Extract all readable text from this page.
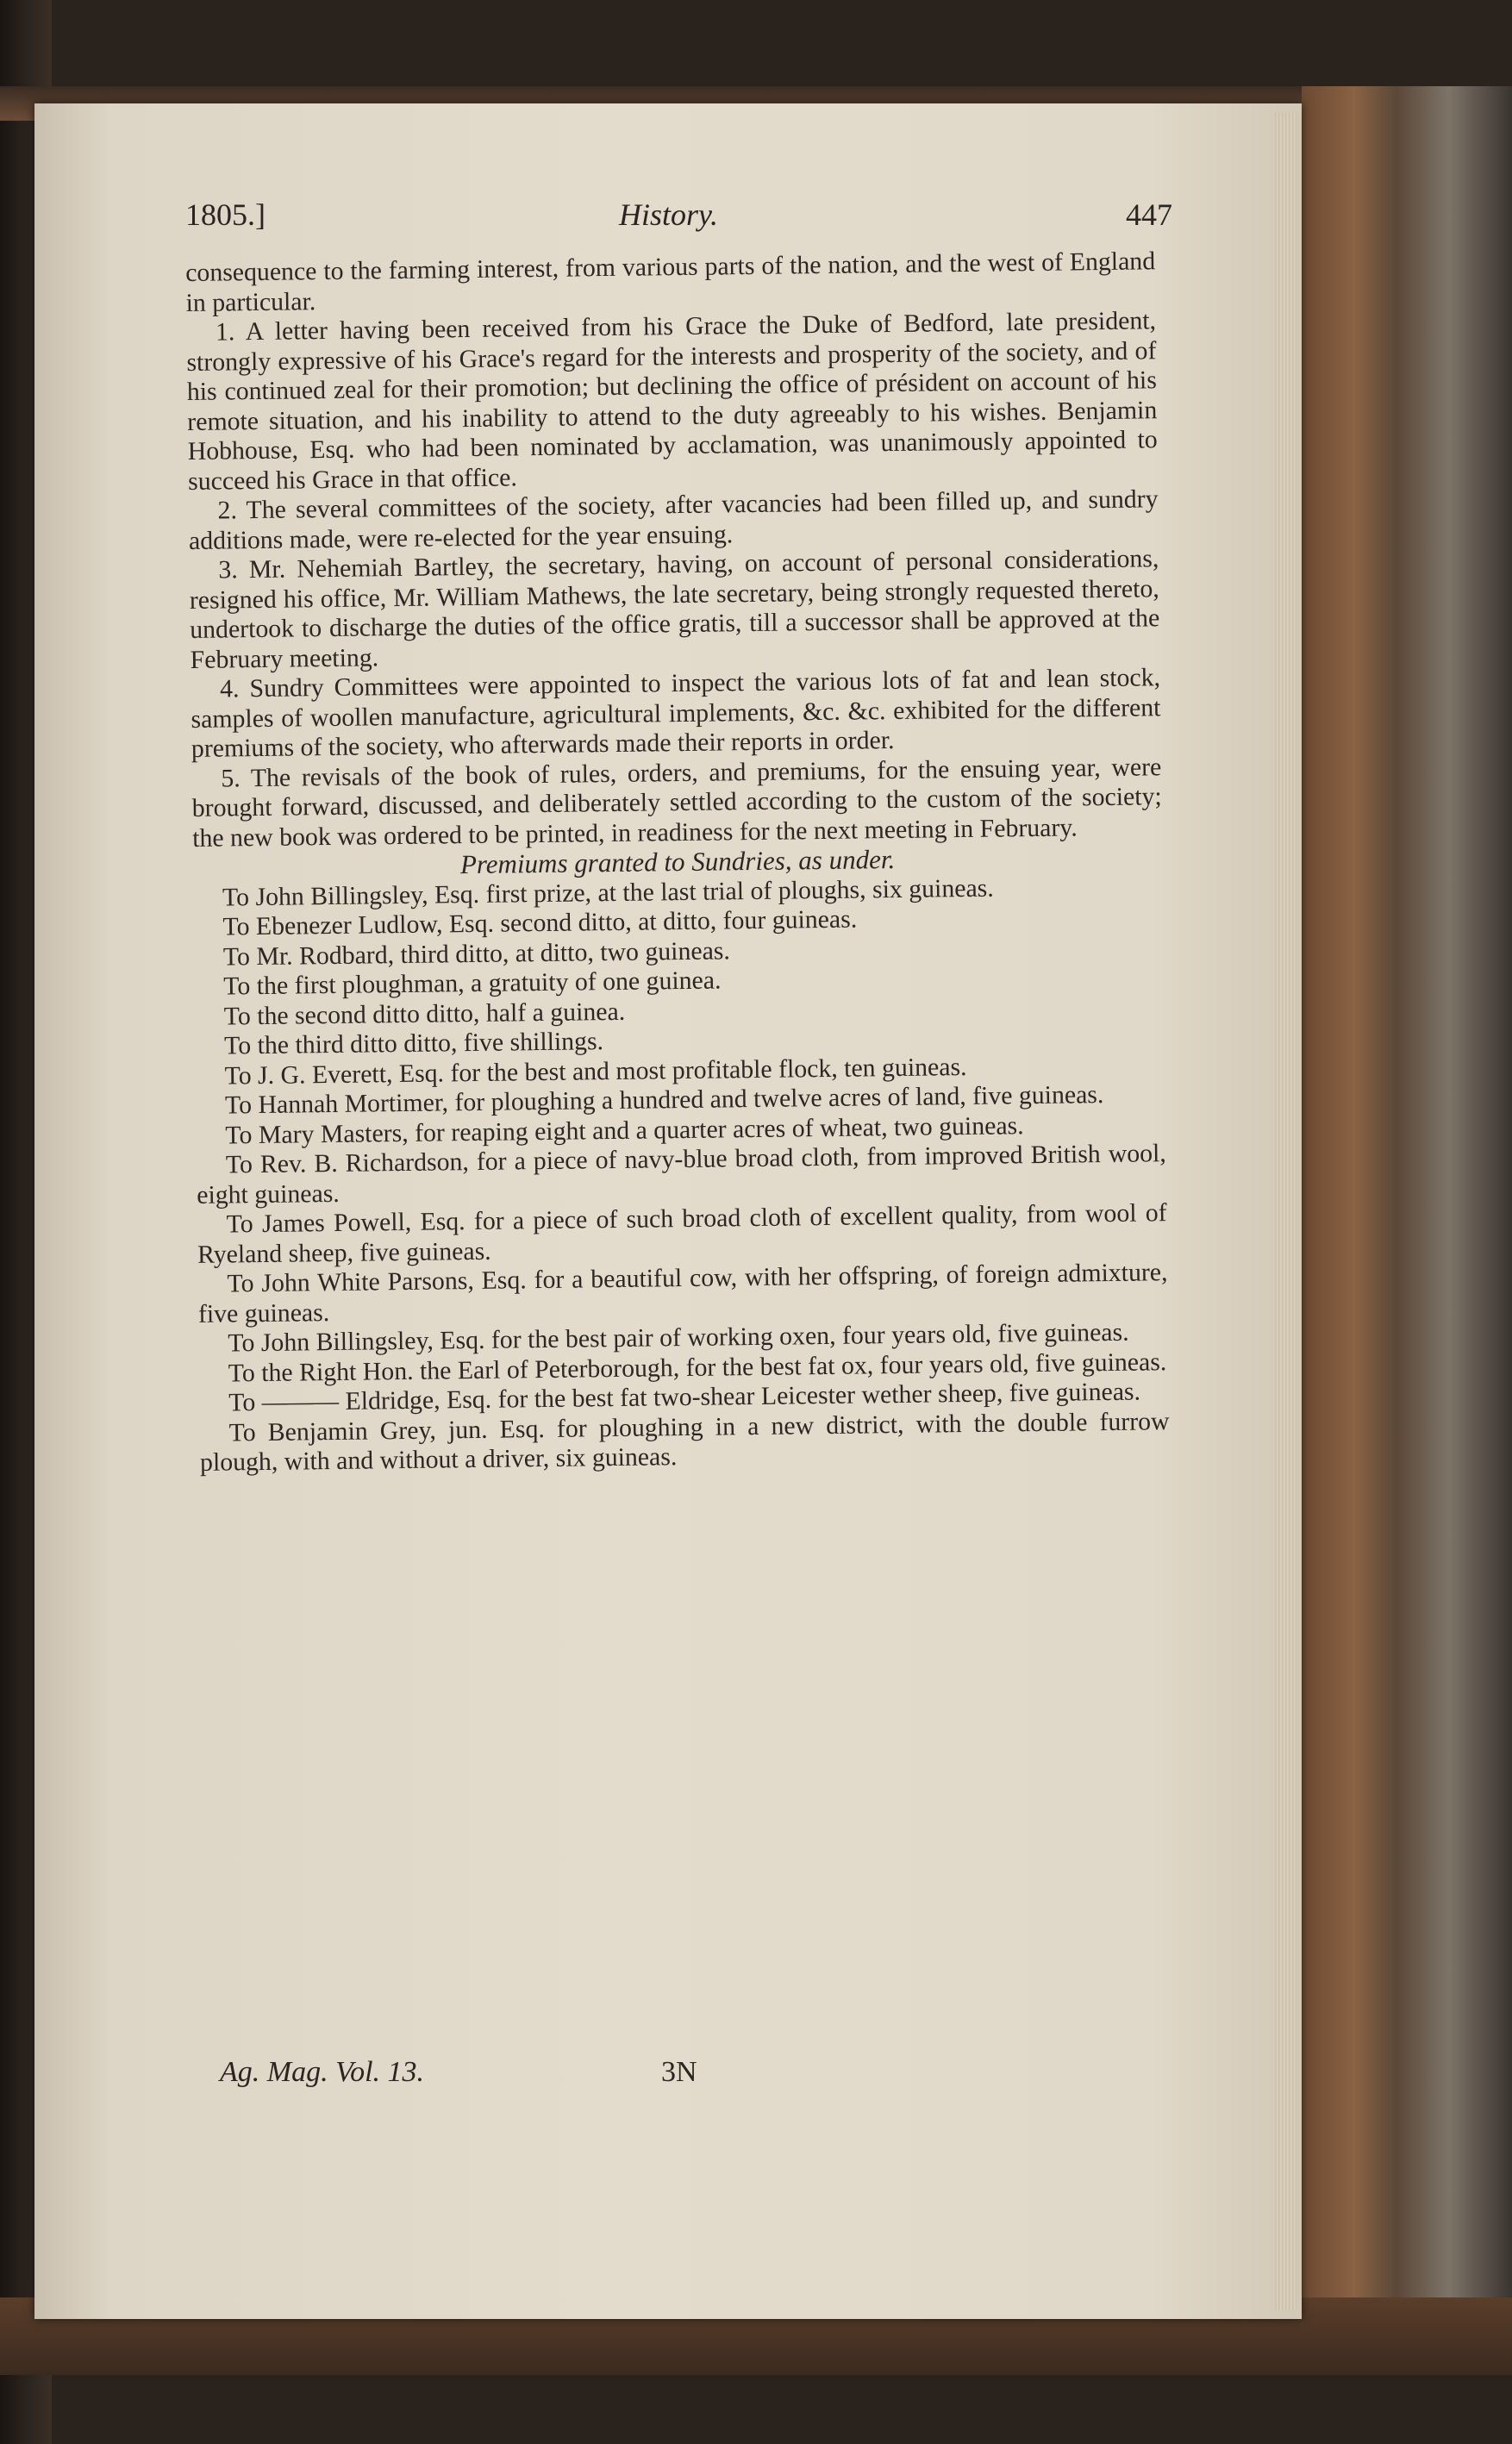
1805.]	History.	447

consequence to the farming interest, from various parts of the nation, and the west of England in particular.

1. A letter having been received from his Grace the Duke of Bedford, late president, strongly expressive of his Grace's regard for the interests and prosperity of the society, and of his continued zeal for their promotion; but declining the office of président on account of his remote situation, and his inability to attend to the duty agreeably to his wishes. Benjamin Hobhouse, Esq. who had been nominated by acclamation, was unanimously appointed to succeed his Grace in that office.

2. The several committees of the society, after vacancies had been filled up, and sundry additions made, were re-elected for the year ensuing.

3. Mr. Nehemiah Bartley, the secretary, having, on account of personal considerations, resigned his office, Mr. William Mathews, the late secretary, being strongly requested thereto, undertook to discharge the duties of the office gratis, till a successor shall be approved at the February meeting.

4. Sundry Committees were appointed to inspect the various lots of fat and lean stock, samples of woollen manufacture, agricultural implements, &c. &c. exhibited for the different premiums of the society, who afterwards made their reports in order.

5. The revisals of the book of rules, orders, and premiums, for the ensuing year, were brought forward, discussed, and deliberately settled according to the custom of the society; the new book was ordered to be printed, in readiness for the next meeting in February.

Premiums granted to Sundries, as under.

To John Billingsley, Esq. first prize, at the last trial of ploughs, six guineas.

To Ebenezer Ludlow, Esq. second ditto, at ditto, four guineas.

To Mr. Rodbard, third ditto, at ditto, two guineas.

To the first ploughman, a gratuity of one guinea.

To the second ditto ditto, half a guinea.

To the third ditto ditto, five shillings.

To J. G. Everett, Esq. for the best and most profitable flock, ten guineas.

To Hannah Mortimer, for ploughing a hundred and twelve acres of land, five guineas.

To Mary Masters, for reaping eight and a quarter acres of wheat, two guineas.

To Rev. B. Richardson, for a piece of navy-blue broad cloth, from improved British wool, eight guineas.

To James Powell, Esq. for a piece of such broad cloth of excellent quality, from wool of Ryeland sheep, five guineas.

To John White Parsons, Esq. for a beautiful cow, with her offspring, of foreign admixture, five guineas.

To John Billingsley, Esq. for the best pair of working oxen, four years old, five guineas.

To the Right Hon. the Earl of Peterborough, for the best fat ox, four years old, five guineas.

To ——— Eldridge, Esq. for the best fat two-shear Leicester wether sheep, five guineas.

To Benjamin Grey, jun. Esq. for ploughing in a new district, with the double furrow plough, with and without a driver, six guineas.

Ag. Mag. Vol. 13.	3N
